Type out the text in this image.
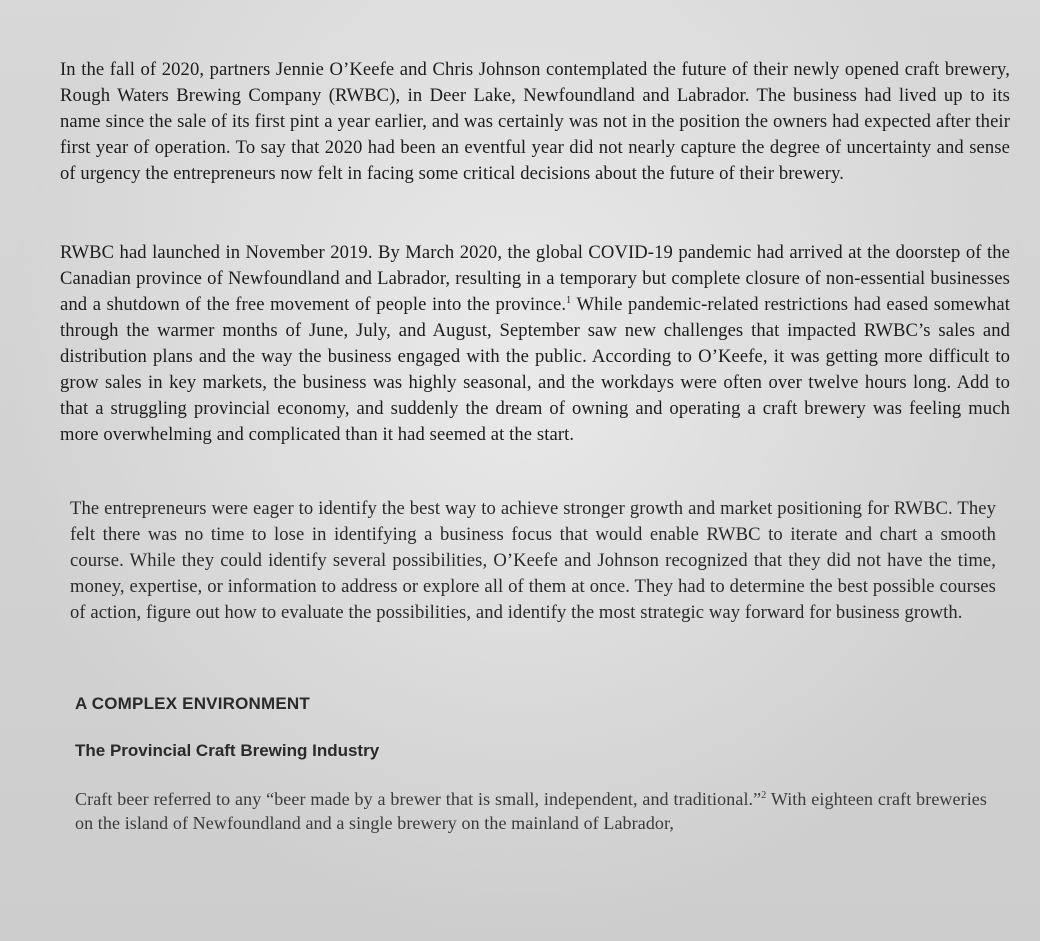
In the fall of 2020, partners Jennie O’Keefe and Chris Johnson contemplated the future of their newly opened craft brewery, Rough Waters Brewing Company (RWBC), in Deer Lake, Newfoundland and Labrador. The business had lived up to its name since the sale of its first pint a year earlier, and was certainly was not in the position the owners had expected after their first year of operation. To say that 2020 had been an eventful year did not nearly capture the degree of uncertainty and sense of urgency the entrepreneurs now felt in facing some critical decisions about the future of their brewery.

RWBC had launched in November 2019. By March 2020, the global COVID-19 pandemic had arrived at the doorstep of the Canadian province of Newfoundland and Labrador, resulting in a temporary but complete closure of non-essential businesses and a shutdown of the free movement of people into the province.$^1$ While pandemic-related restrictions had eased somewhat through the warmer months of June, July, and August, September saw new challenges that impacted RWBC’s sales and distribution plans and the way the business engaged with the public. According to O’Keefe, it was getting more difficult to grow sales in key markets, the business was highly seasonal, and the workdays were often over twelve hours long. Add to that a struggling provincial economy, and suddenly the dream of owning and operating a craft brewery was feeling much more overwhelming and complicated than it had seemed at the start.

The entrepreneurs were eager to identify the best way to achieve stronger growth and market positioning for RWBC. They felt there was no time to lose in identifying a business focus that would enable RWBC to iterate and chart a smooth course. While they could identify several possibilities, O’Keefe and Johnson recognized that they did not have the time, money, expertise, or information to address or explore all of them at once. They had to determine the best possible courses of action, figure out how to evaluate the possibilities, and identify the most strategic way forward for business growth.

A COMPLEX ENVIRONMENT
The Provincial Craft Brewing Industry

Craft beer referred to any “beer made by a brewer that is small, independent, and traditional.”$^2$ With eighteen craft breweries on the island of Newfoundland and a single brewery on the mainland of Labrador,
